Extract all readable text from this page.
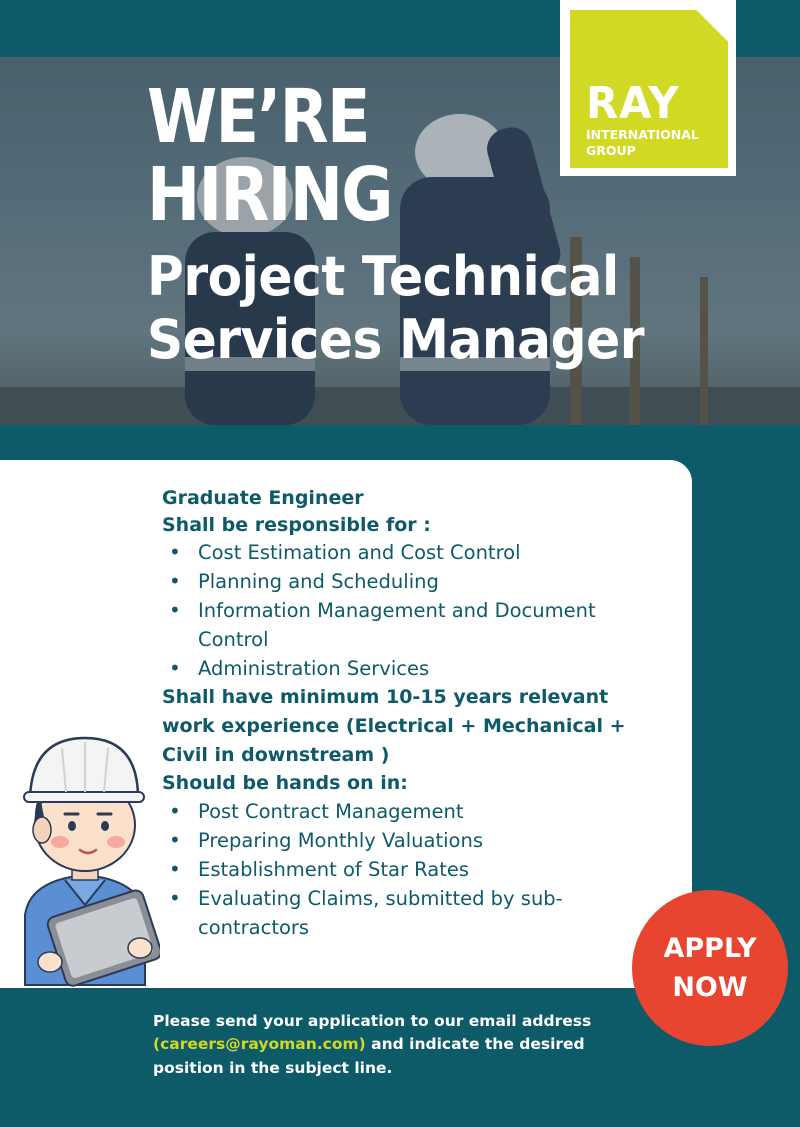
RAY
INTERNATIONAL
GROUP
WE’RE
HIRING
Project Technical
Services Manager
Graduate Engineer
Shall be responsible for :
• Cost Estimation and Cost Control
• Planning and Scheduling
• Information Management and Document Control
• Administration Services
Shall have minimum 10-15 years relevant work experience (Electrical + Mechanical + Civil in downstream )
Should be hands on in:
• Post Contract Management
• Preparing Monthly Valuations
• Establishment of Star Rates
• Evaluating Claims, submitted by sub-contractors
APPLY
NOW
Please send your application to our email address (careers@rayoman.com) and indicate the desired position in the subject line.
